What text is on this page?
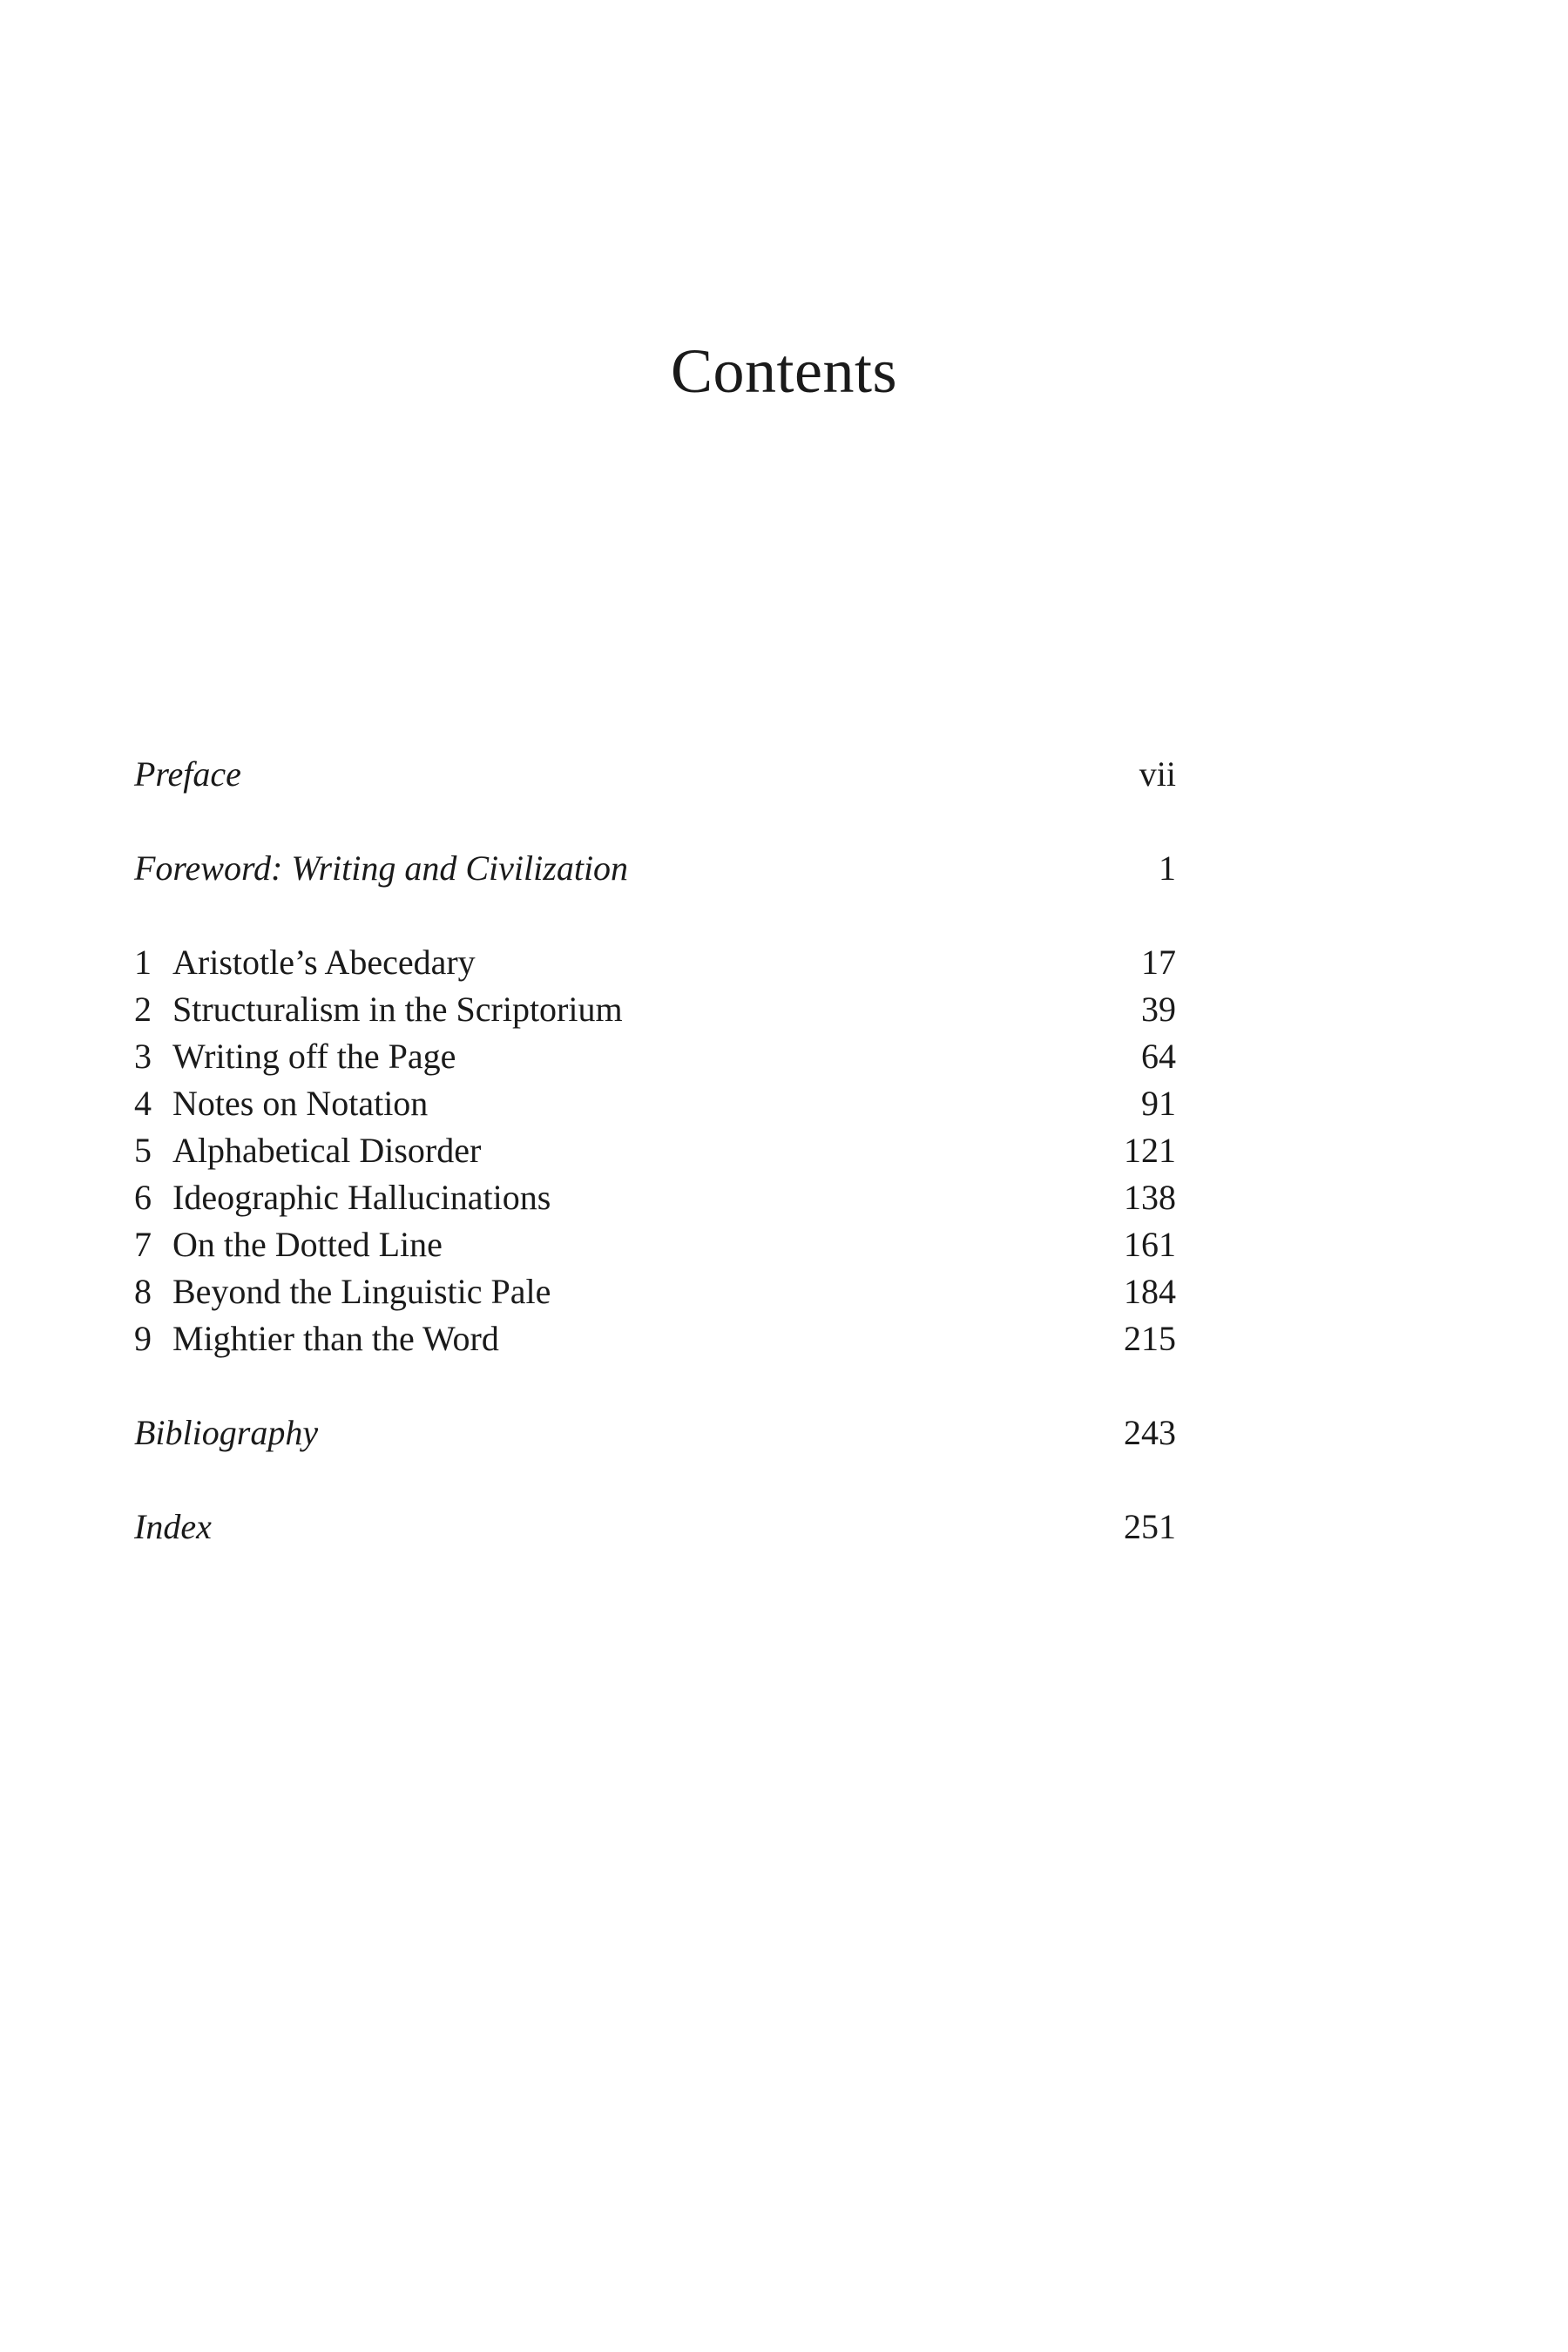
Contents
Preface	vii
Foreword: Writing and Civilization	1
1 Aristotle’s Abecedary	17
2 Structuralism in the Scriptorium	39
3 Writing off the Page	64
4 Notes on Notation	91
5 Alphabetical Disorder	121
6 Ideographic Hallucinations	138
7 On the Dotted Line	161
8 Beyond the Linguistic Pale	184
9 Mightier than the Word	215
Bibliography	243
Index	251
